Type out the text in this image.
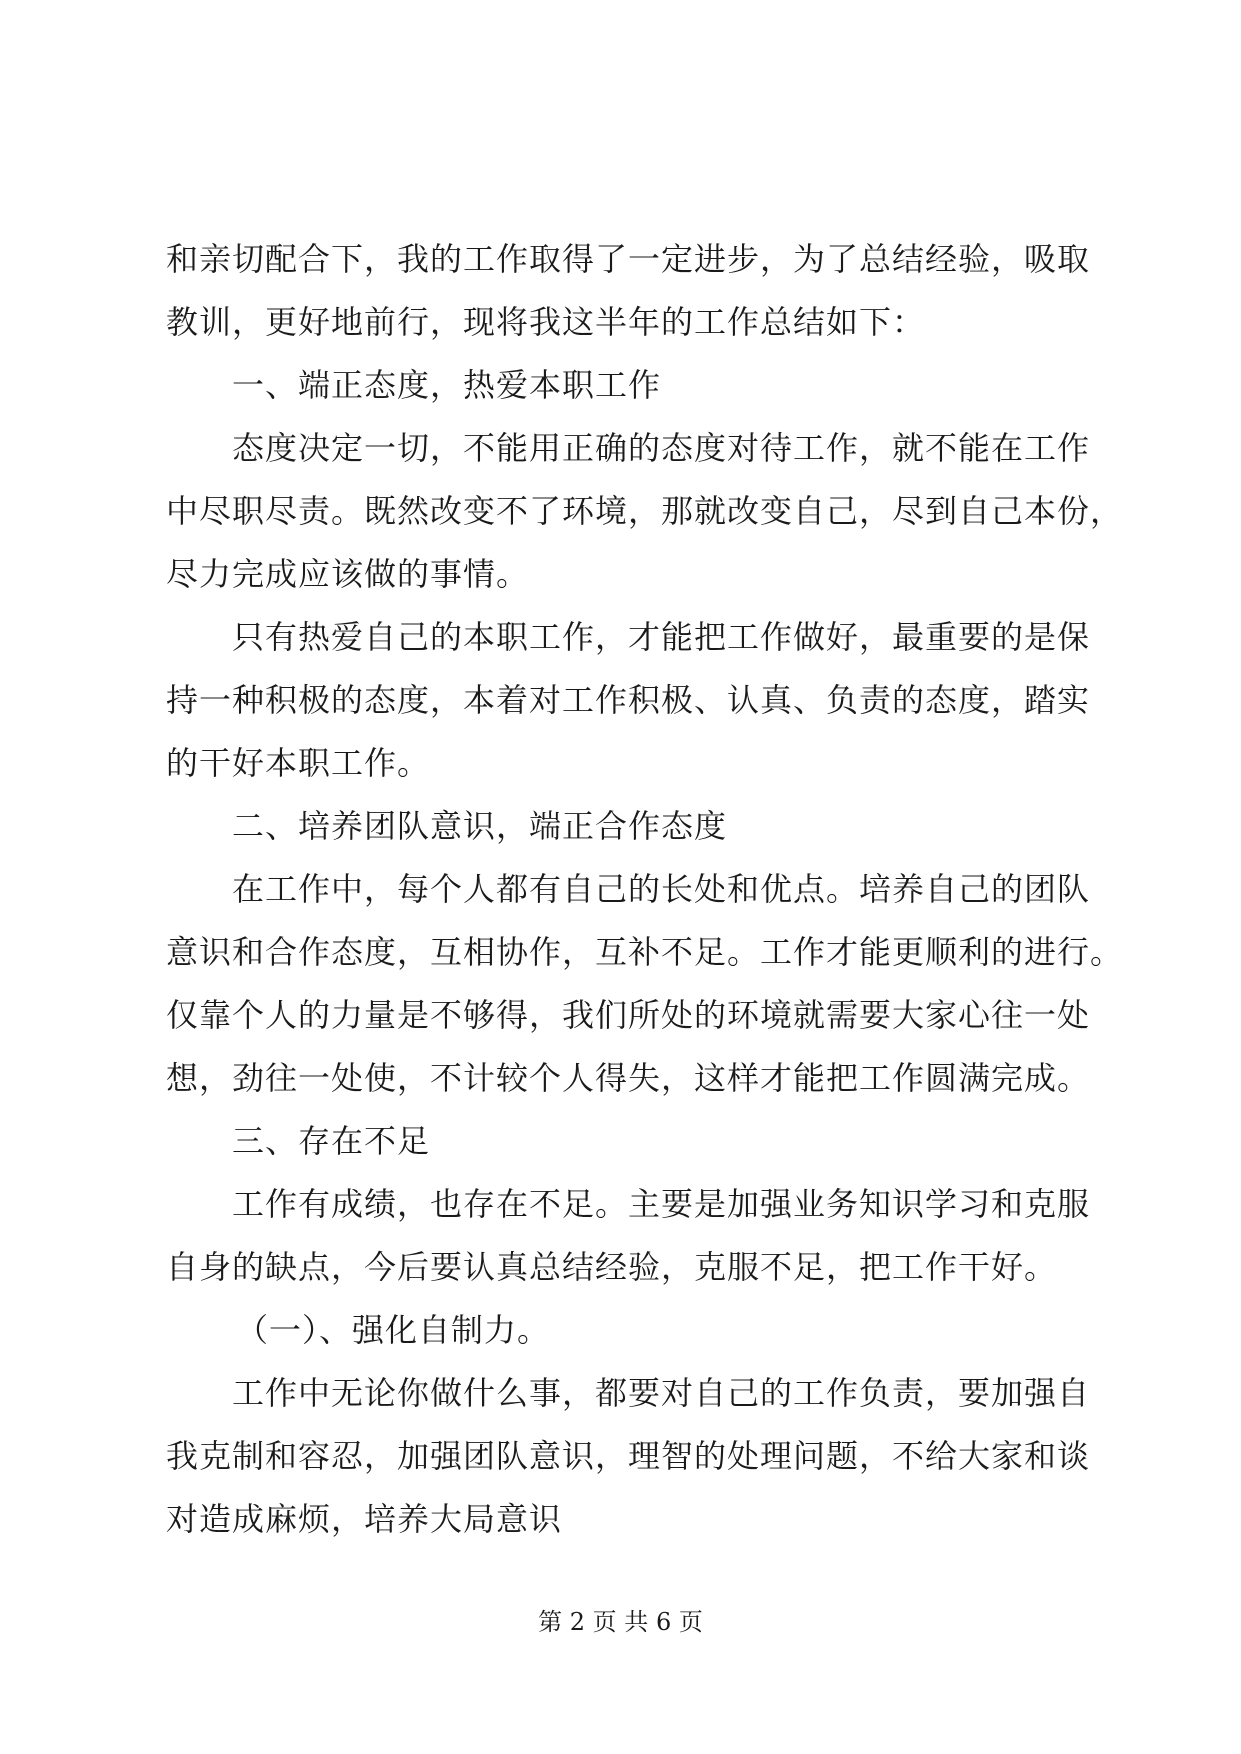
和亲切配合下，我的工作取得了一定进步，为了总结经验，吸取
教训，更好地前行，现将我这半年的工作总结如下：
一、端正态度，热爱本职工作
态度决定一切，不能用正确的态度对待工作，就不能在工作
中尽职尽责。既然改变不了环境，那就改变自己，尽到自己本份，
尽力完成应该做的事情。
只有热爱自己的本职工作，才能把工作做好，最重要的是保
持一种积极的态度，本着对工作积极、认真、负责的态度，踏实
的干好本职工作。
二、培养团队意识，端正合作态度
在工作中，每个人都有自己的长处和优点。培养自己的团队
意识和合作态度，互相协作，互补不足。工作才能更顺利的进行。
仅靠个人的力量是不够得，我们所处的环境就需要大家心往一处
想，劲往一处使，不计较个人得失，这样才能把工作圆满完成。
三、存在不足
工作有成绩，也存在不足。主要是加强业务知识学习和克服
自身的缺点，今后要认真总结经验，克服不足，把工作干好。
（一）、强化自制力。
工作中无论你做什么事，都要对自己的工作负责，要加强自
我克制和容忍，加强团队意识，理智的处理问题，不给大家和谈
对造成麻烦，培养大局意识
第 2 页 共 6 页
